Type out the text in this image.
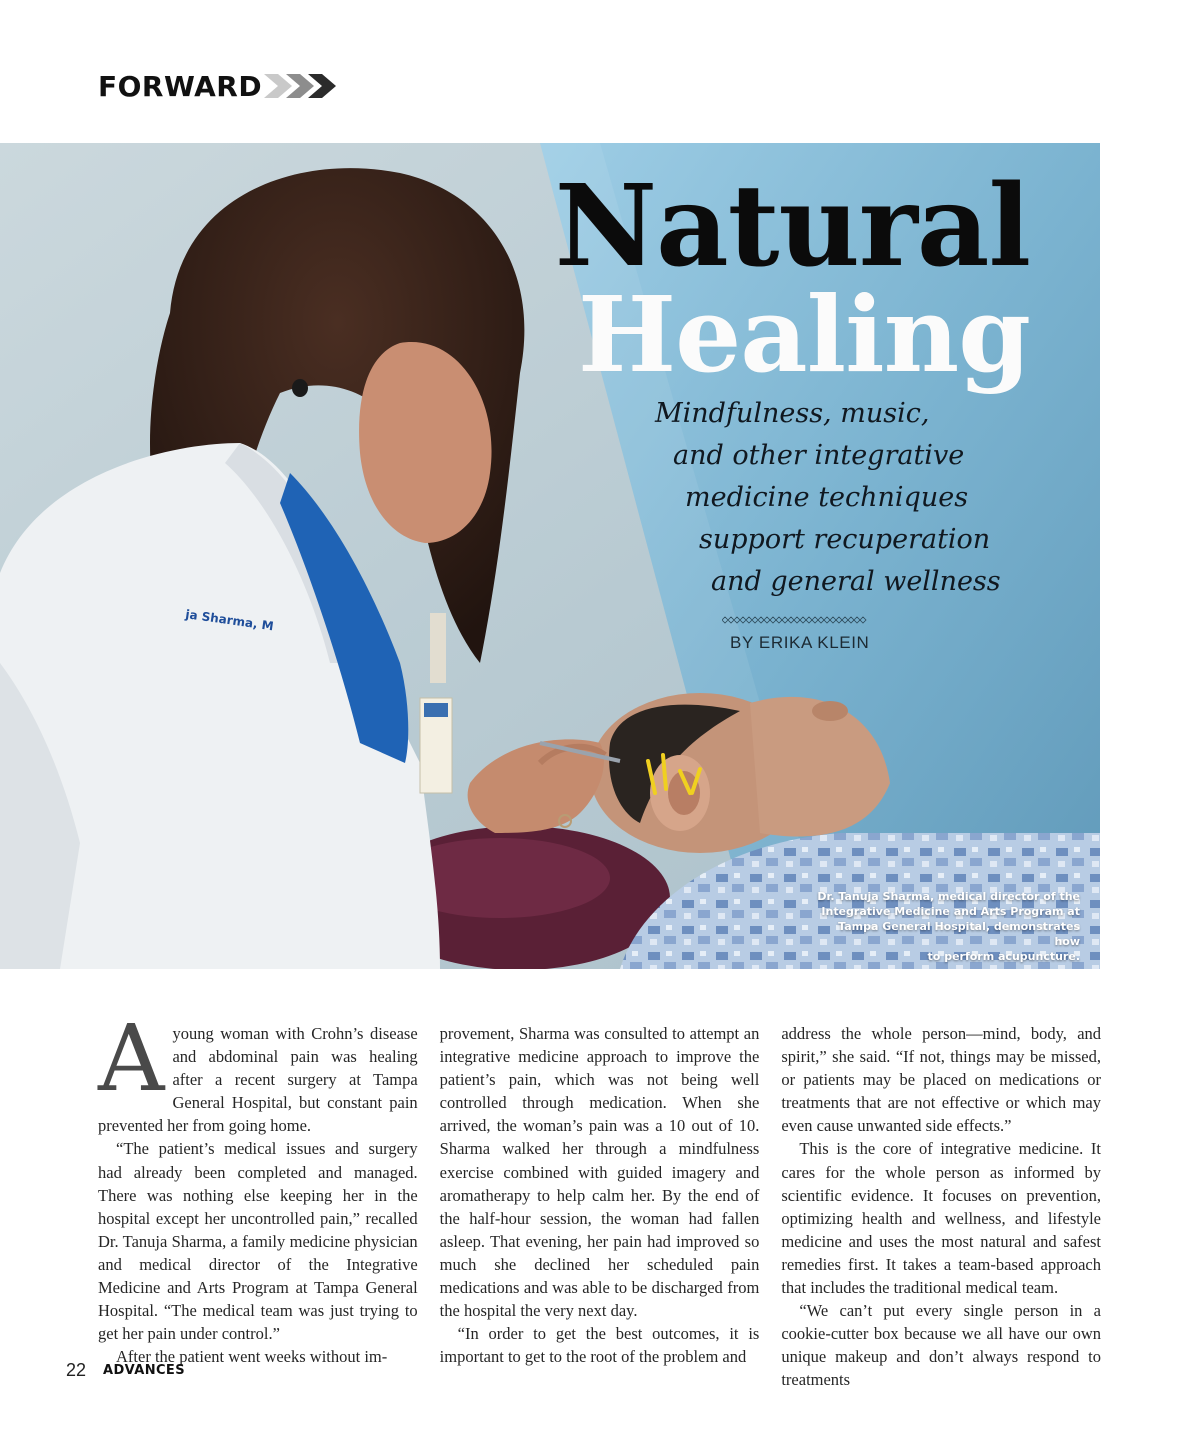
FORWARD
ja Sharma, M
Natural
Healing
Mindfulness, music,
and other integrative
medicine techniques
support recuperation
and general wellness
BY ERIKA KLEIN
Dr. Tanuja Sharma, medical director of the
Integrative Medicine and Arts Program at
Tampa General Hospital, demonstrates how
to perform acupuncture.

Ayoung woman with Crohn’s disease and abdominal pain was healing after a recent surgery at Tampa General Hospital, but constant pain prevented her from going home.

“The patient’s medical issues and surgery had already been completed and managed. There was nothing else keeping her in the hospital except her uncontrolled pain,” recalled Dr. Tanuja Sharma, a family medicine physician and medical director of the Integrative Medicine and Arts Program at Tampa General Hospital. “The medical team was just trying to get her pain under control.”

After the patient went weeks without im-

provement, Sharma was consulted to attempt an integrative medicine approach to improve the patient’s pain, which was not being well controlled through medication. When she arrived, the woman’s pain was a 10 out of 10. Sharma walked her through a mindfulness exercise combined with guided imagery and aromatherapy to help calm her. By the end of the half-hour session, the woman had fallen asleep. That evening, her pain had improved so much she declined her scheduled pain medications and was able to be discharged from the hospital the very next day.

“In order to get the best outcomes, it is important to get to the root of the problem and

address the whole person—mind, body, and spirit,” she said. “If not, things may be missed, or patients may be placed on medications or treatments that are not effective or which may even cause unwanted side effects.”

This is the core of integrative medicine. It cares for the whole person as informed by scientific evidence. It focuses on prevention, optimizing health and wellness, and lifestyle medicine and uses the most natural and safest remedies first. It takes a team-based approach that includes the traditional medical team.

“We can’t put every single person in a cookie-cutter box because we all have our own unique makeup and don’t always respond to treatments

22 ADVANCES
